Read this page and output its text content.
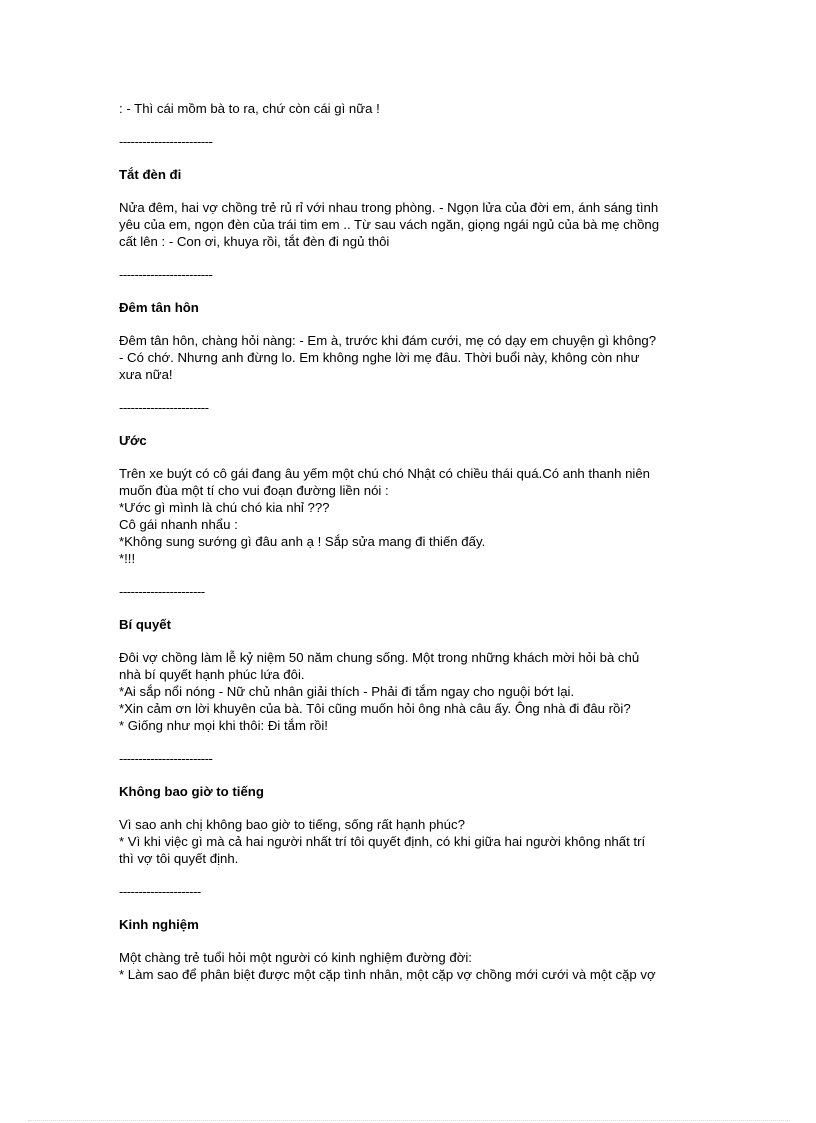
: - Thì cái mồm bà to ra, chứ còn cái gì nữa !
------------------------
Tắt đèn đi
Nửa đêm, hai vợ chồng trẻ rủ rỉ với nhau trong phòng. - Ngọn lửa của đời em, ánh sáng tình
yêu của em, ngọn đèn của trái tim em .. Từ sau vách ngăn, giọng ngái ngủ của bà mẹ chồng
cất lên : - Con ơi, khuya rồi, tắt đèn đi ngủ thôi
------------------------
Đêm tân hôn
Đêm tân hôn, chàng hỏi nàng: - Em à, trước khi đám cưới, mẹ có dạy em chuyện gì không?
- Có chớ. Nhưng anh đừng lo. Em không nghe lời mẹ đâu. Thời buổi này, không còn như
xưa nữa!
-----------------------
Ước
Trên xe buýt có cô gái đang âu yếm một chú chó Nhật có chiều thái quá.Có anh thanh niên
muốn đùa một tí cho vui đoạn đường liền nói :
*Ước gì mình là chú chó kia nhỉ ???
Cô gái nhanh nhẩu :
*Không sung sướng gì đâu anh ạ ! Sắp sửa mang đi thiến đấy.
*!!!
----------------------
Bí quyết
Đôi vợ chồng làm lễ kỷ niệm 50 năm chung sống. Một trong những khách mời hỏi bà chủ
nhà bí quyết hạnh phúc lứa đôi.
*Ai sắp nổi nóng - Nữ chủ nhân giải thích - Phải đi tắm ngay cho nguội bớt lại.
*Xin cảm ơn lời khuyên của bà. Tôi cũng muốn hỏi ông nhà câu ấy. Ông nhà đi đâu rồi?
* Giống như mọi khi thôi: Đi tắm rồi!
------------------------
Không bao giờ to tiếng
Vì sao anh chị không bao giờ to tiếng, sống rất hạnh phúc?
* Vì khi việc gì mà cả hai người nhất trí tôi quyết định, có khi giữa hai người không nhất trí
thì vợ tôi quyết định.
---------------------
Kinh nghiệm
Một chàng trẻ tuổi hỏi một người có kinh nghiệm đường đời:
* Làm sao để phân biệt được một cặp tình nhân, một cặp vợ chồng mới cưới và một cặp vợ
